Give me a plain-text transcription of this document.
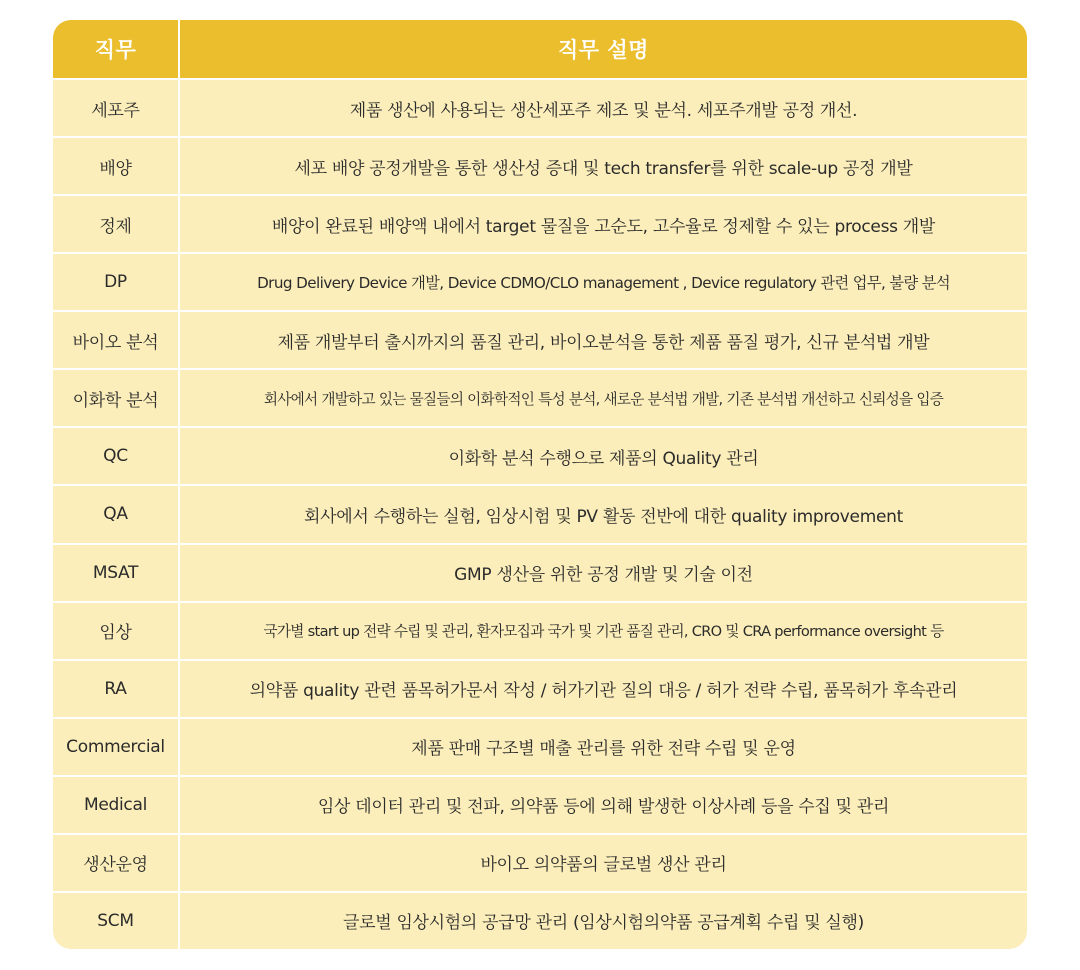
직무	직무 설명
세포주	제품 생산에 사용되는 생산세포주 제조 및 분석. 세포주개발 공정 개선.
배양	세포 배양 공정개발을 통한 생산성 증대 및 tech transfer를 위한 scale-up 공정 개발
정제	배양이 완료된 배양액 내에서 target 물질을 고순도, 고수율로 정제할 수 있는 process 개발
DP	Drug Delivery Device 개발, Device CDMO/CLO management , Device regulatory 관련 업무, 불량 분석
바이오 분석	제품 개발부터 출시까지의 품질 관리, 바이오분석을 통한 제품 품질 평가, 신규 분석법 개발
이화학 분석	회사에서 개발하고 있는 물질들의 이화학적인 특성 분석, 새로운 분석법 개발, 기존 분석법 개선하고 신뢰성을 입증
QC	이화학 분석 수행으로 제품의 Quality 관리
QA	회사에서 수행하는 실험, 임상시험 및 PV 활동 전반에 대한 quality improvement
MSAT	GMP 생산을 위한 공정 개발 및 기술 이전
임상	국가별 start up 전략 수립 및 관리, 환자모집과 국가 및 기관 품질 관리, CRO 및 CRA performance oversight 등
RA	의약품 quality 관련 품목허가문서 작성 / 허가기관 질의 대응 / 허가 전략 수립, 품목허가 후속관리
Commercial	제품 판매 구조별 매출 관리를 위한 전략 수립 및 운영
Medical	임상 데이터 관리 및 전파, 의약품 등에 의해 발생한 이상사례 등을 수집 및 관리
생산운영	바이오 의약품의 글로벌 생산 관리
SCM	글로벌 임상시험의 공급망 관리 (임상시험의약품 공급계획 수립 및 실행)
